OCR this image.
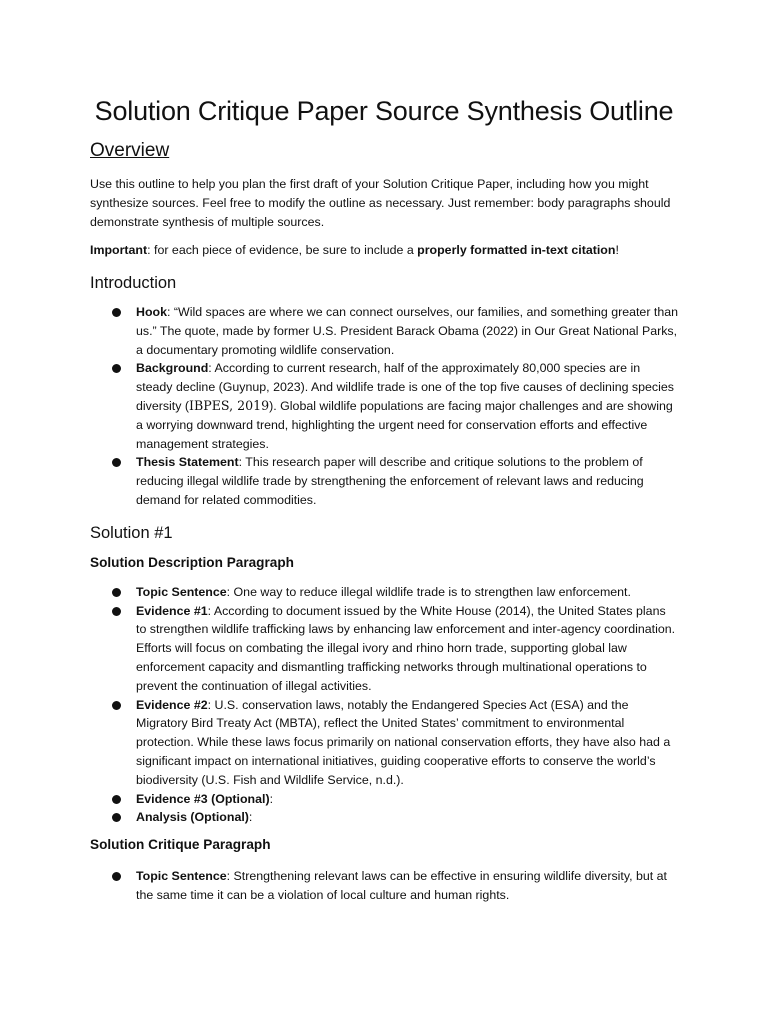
Solution Critique Paper Source Synthesis Outline
Overview

Use this outline to help you plan the first draft of your Solution Critique Paper, including how you might synthesize sources. Feel free to modify the outline as necessary. Just remember: body paragraphs should demonstrate synthesis of multiple sources.

Important: for each piece of evidence, be sure to include a properly formatted in-text citation!

Introduction
Hook: “Wild spaces are where we can connect ourselves, our families, and something greater than us.” The quote, made by former U.S. President Barack Obama (2022) in Our Great National Parks, a documentary promoting wildlife conservation.
Background: According to current research, half of the approximately 80,000 species are in steady decline (Guynup, 2023). And wildlife trade is one of the top five causes of declining species diversity (IBPES, 2019). Global wildlife populations are facing major challenges and are showing a worrying downward trend, highlighting the urgent need for conservation efforts and effective management strategies.
Thesis Statement: This research paper will describe and critique solutions to the problem of reducing illegal wildlife trade by strengthening the enforcement of relevant laws and reducing demand for related commodities.
Solution #1
Solution Description Paragraph
Topic Sentence: One way to reduce illegal wildlife trade is to strengthen law enforcement.
Evidence #1: According to document issued by the White House (2014), the United States plans to strengthen wildlife trafficking laws by enhancing law enforcement and inter-agency coordination. Efforts will focus on combating the illegal ivory and rhino horn trade, supporting global law enforcement capacity and dismantling trafficking networks through multinational operations to prevent the continuation of illegal activities.
Evidence #2: U.S. conservation laws, notably the Endangered Species Act (ESA) and the Migratory Bird Treaty Act (MBTA), reflect the United States’ commitment to environmental protection. While these laws focus primarily on national conservation efforts, they have also had a significant impact on international initiatives, guiding cooperative efforts to conserve the world’s biodiversity (U.S. Fish and Wildlife Service, n.d.).
Evidence #3 (Optional):
Analysis (Optional):
Solution Critique Paragraph
Topic Sentence: Strengthening relevant laws can be effective in ensuring wildlife diversity, but at the same time it can be a violation of local culture and human rights.
